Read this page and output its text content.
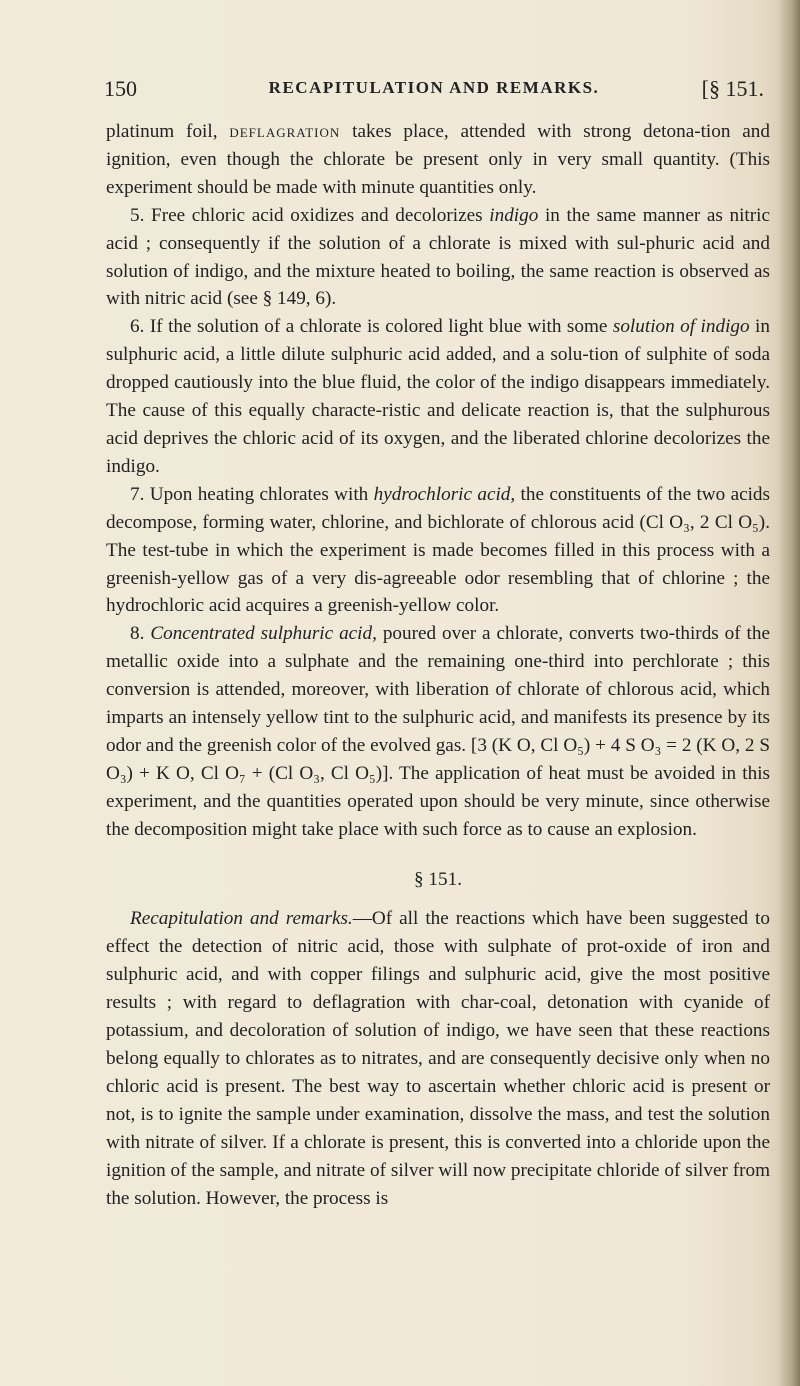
150	RECAPITULATION AND REMARKS.	[§ 151.

platinum foil, deflagration takes place, attended with strong detona-tion and ignition, even though the chlorate be present only in very small quantity. (This experiment should be made with minute quantities only.

5. Free chloric acid oxidizes and decolorizes indigo in the same manner as nitric acid ; consequently if the solution of a chlorate is mixed with sul-phuric acid and solution of indigo, and the mixture heated to boiling, the same reaction is observed as with nitric acid (see § 149, 6).

6. If the solution of a chlorate is colored light blue with some solution of indigo in sulphuric acid, a little dilute sulphuric acid added, and a solu-tion of sulphite of soda dropped cautiously into the blue fluid, the color of the indigo disappears immediately. The cause of this equally characte-ristic and delicate reaction is, that the sulphurous acid deprives the chloric acid of its oxygen, and the liberated chlorine decolorizes the indigo.

7. Upon heating chlorates with hydrochloric acid, the constituents of the two acids decompose, forming water, chlorine, and bichlorate of chlorous acid (Cl O₃, 2 Cl O₅). The test-tube in which the experiment is made becomes filled in this process with a greenish-yellow gas of a very dis-agreeable odor resembling that of chlorine ; the hydrochloric acid acquires a greenish-yellow color.

8. Concentrated sulphuric acid, poured over a chlorate, converts two-thirds of the metallic oxide into a sulphate and the remaining one-third into perchlorate ; this conversion is attended, moreover, with liberation of chlorate of chlorous acid, which imparts an intensely yellow tint to the sulphuric acid, and manifests its presence by its odor and the greenish color of the evolved gas. [3 (K O, Cl O₅) + 4 S O₃ = 2 (K O, 2 S O₃) + K O, Cl O₇ + (Cl O₃, Cl O₅)]. The application of heat must be avoided in this experiment, and the quantities operated upon should be very minute, since otherwise the decomposition might take place with such force as to cause an explosion.

§ 151.

Recapitulation and remarks.—Of all the reactions which have been suggested to effect the detection of nitric acid, those with sulphate of prot-oxide of iron and sulphuric acid, and with copper filings and sulphuric acid, give the most positive results ; with regard to deflagration with char-coal, detonation with cyanide of potassium, and decoloration of solution of indigo, we have seen that these reactions belong equally to chlorates as to nitrates, and are consequently decisive only when no chloric acid is present. The best way to ascertain whether chloric acid is present or not, is to ignite the sample under examination, dissolve the mass, and test the solution with nitrate of silver. If a chlorate is present, this is converted into a chloride upon the ignition of the sample, and nitrate of silver will now precipitate chloride of silver from the solution. However, the process is
